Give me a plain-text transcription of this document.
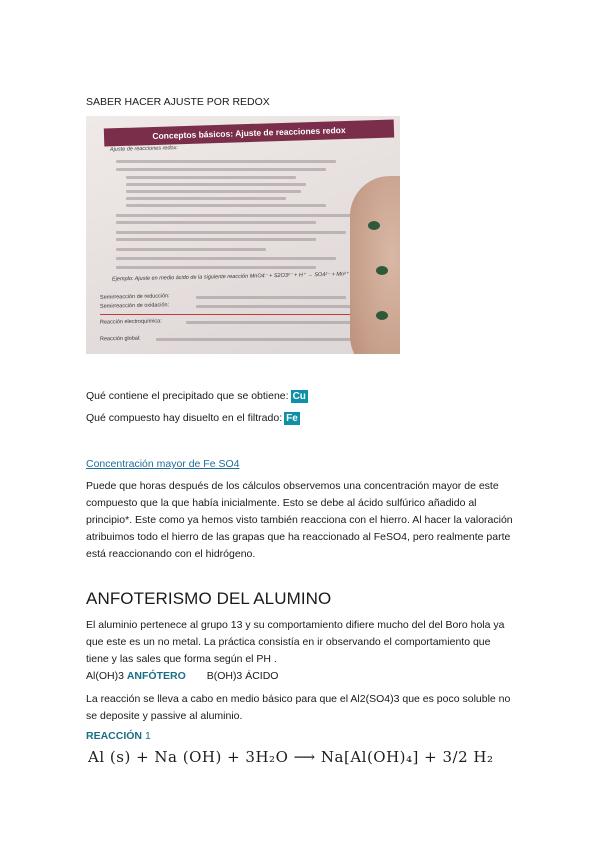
SABER HACER AJUSTE POR REDOX
Conceptos básicos: Ajuste de reacciones redox
Ajuste de reacciones redox:
Ejemplo: Ajuste en medio ácido de la siguiente reacción MnO4⁻ + S2O3²⁻ + H⁺ → SO4²⁻ + Mn²⁺
Semirreacción de reducción:
Semirreacción de oxidación:
Reacción electroquímica:
Reacción global:
Qué contiene el precipitado que se obtiene: Cu
Qué compuesto hay disuelto en el filtrado: Fe
Concentración mayor de Fe SO4
Puede que horas después de los cálculos observemos una concentración mayor de este compuesto que la que había inicialmente. Esto se debe al ácido sulfúrico añadido al principio*. Este como ya hemos visto también reacciona con el hierro. Al hacer la valoración atribuimos todo el hierro de las grapas que ha reaccionado al FeSO4, pero realmente parte está reaccionando con el hidrógeno.
ANFOTERISMO DEL ALUMINO
El aluminio pertenece al grupo 13 y su comportamiento difiere mucho del del Boro hola ya que este es un no metal. La práctica consistía en ir observando el comportamiento que tiene y las sales que forma según el PH .
Al(OH)3 ANFÓTERO B(OH)3 ÁCIDO
La reacción se lleva a cabo en medio básico para que el Al2(SO4)3 que es poco soluble no se deposite y passive al aluminio.
REACCIÓN 1
Al (s) + Na (OH) + 3H₂O ⟶ Na[Al(OH)₄] + 3/2 H₂
